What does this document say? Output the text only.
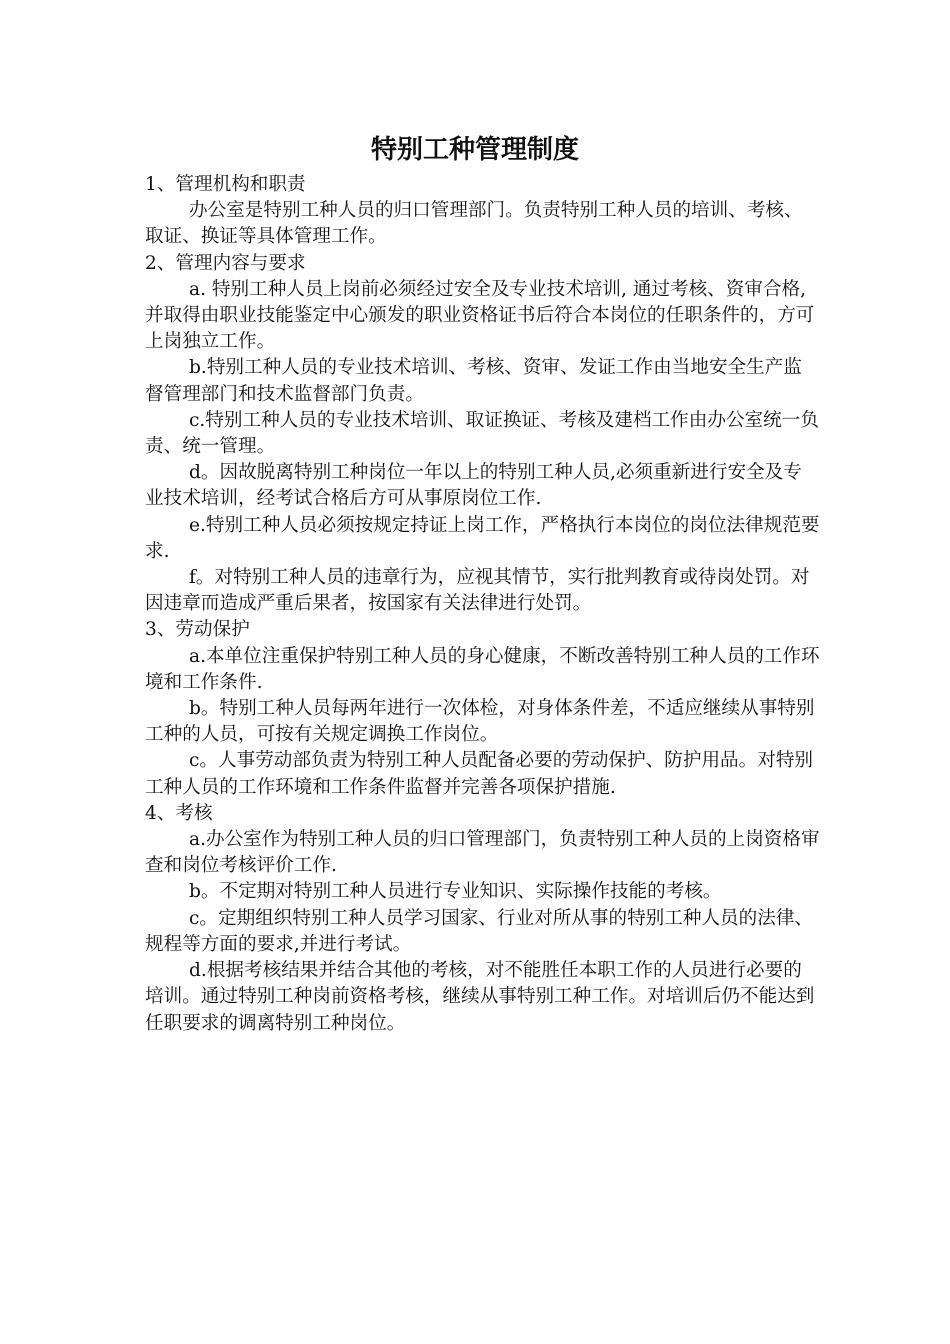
特别工种管理制度

1、管理机构和职责

办公室是特别工种人员的归口管理部门。负责特别工种人员的培训、考核、取证、换证等具体管理工作。

2、管理内容与要求

a. 特别工种人员上岗前必须经过安全及专业技术培训, 通过考核、资审合格, 并取得由职业技能鉴定中心颁发的职业资格证书后符合本岗位的任职条件的，方可上岗独立工作。

b.特别工种人员的专业技术培训、考核、资审、发证工作由当地安全生产监督管理部门和技术监督部门负责。

c.特别工种人员的专业技术培训、取证换证、考核及建档工作由办公室统一负责、统一管理。

d。因故脱离特别工种岗位一年以上的特别工种人员,必须重新进行安全及专业技术培训，经考试合格后方可从事原岗位工作.

e.特别工种人员必须按规定持证上岗工作，严格执行本岗位的岗位法律规范要求.

f。对特别工种人员的违章行为，应视其情节，实行批判教育或待岗处罚。对因违章而造成严重后果者，按国家有关法律进行处罚。

3、劳动保护

a.本单位注重保护特别工种人员的身心健康，不断改善特别工种人员的工作环境和工作条件.

b。特别工种人员每两年进行一次体检，对身体条件差，不适应继续从事特别工种的人员，可按有关规定调换工作岗位。

c。人事劳动部负责为特别工种人员配备必要的劳动保护、防护用品。对特别工种人员的工作环境和工作条件监督并完善各项保护措施.

4、考核

a.办公室作为特别工种人员的归口管理部门，负责特别工种人员的上岗资格审查和岗位考核评价工作.

b。不定期对特别工种人员进行专业知识、实际操作技能的考核。

c。定期组织特别工种人员学习国家、行业对所从事的特别工种人员的法律、规程等方面的要求,并进行考试。

d.根据考核结果并结合其他的考核，对不能胜任本职工作的人员进行必要的培训。通过特别工种岗前资格考核，继续从事特别工种工作。对培训后仍不能达到任职要求的调离特别工种岗位。
